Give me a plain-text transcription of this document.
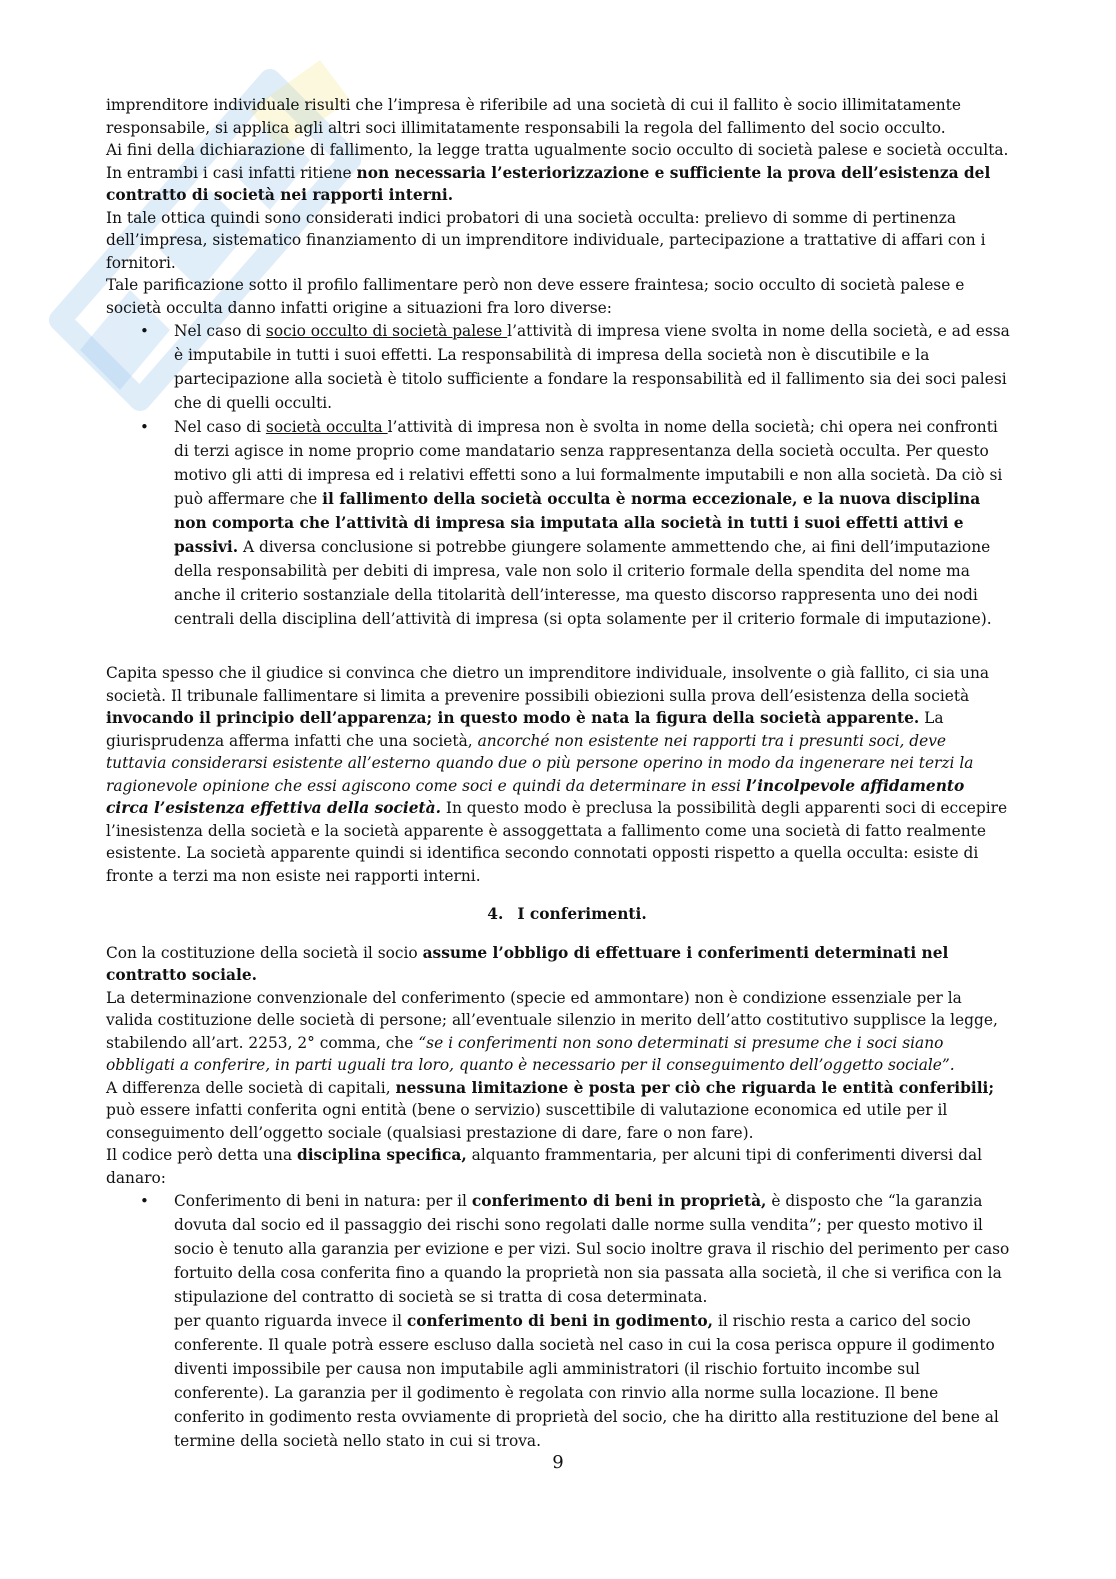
imprenditore individuale risulti che l’impresa è riferibile ad una società di cui il fallito è socio illimitatamente responsabile, si applica agli altri soci illimitatamente responsabili la regola del fallimento del socio occulto.

Ai fini della dichiarazione di fallimento, la legge tratta ugualmente socio occulto di società palese e società occulta. In entrambi i casi infatti ritiene non necessaria l’esteriorizzazione e sufficiente la prova dell’esistenza del contratto di società nei rapporti interni.

In tale ottica quindi sono considerati indici probatori di una società occulta: prelievo di somme di pertinenza dell’impresa, sistematico finanziamento di un imprenditore individuale, partecipazione a trattative di affari con i fornitori.

Tale parificazione sotto il profilo fallimentare però non deve essere fraintesa; socio occulto di società palese e società occulta danno infatti origine a situazioni fra loro diverse:

• Nel caso di socio occulto di società palese l’attività di impresa viene svolta in nome della società, e ad essa è imputabile in tutti i suoi effetti. La responsabilità di impresa della società non è discutibile e la partecipazione alla società è titolo sufficiente a fondare la responsabilità ed il fallimento sia dei soci palesi che di quelli occulti.
• Nel caso di società occulta l’attività di impresa non è svolta in nome della società; chi opera nei confronti di terzi agisce in nome proprio come mandatario senza rappresentanza della società occulta. Per questo motivo gli atti di impresa ed i relativi effetti sono a lui formalmente imputabili e non alla società. Da ciò si può affermare che il fallimento della società occulta è norma eccezionale, e la nuova disciplina non comporta che l’attività di impresa sia imputata alla società in tutti i suoi effetti attivi e passivi. A diversa conclusione si potrebbe giungere solamente ammettendo che, ai fini dell’imputazione della responsabilità per debiti di impresa, vale non solo il criterio formale della spendita del nome ma anche il criterio sostanziale della titolarità dell’interesse, ma questo discorso rappresenta uno dei nodi centrali della disciplina dell’attività di impresa (si opta solamente per il criterio formale di imputazione).

Capita spesso che il giudice si convinca che dietro un imprenditore individuale, insolvente o già fallito, ci sia una società. Il tribunale fallimentare si limita a prevenire possibili obiezioni sulla prova dell’esistenza della società invocando il principio dell’apparenza; in questo modo è nata la figura della società apparente. La giurisprudenza afferma infatti che una società, ancorché non esistente nei rapporti tra i presunti soci, deve tuttavia considerarsi esistente all’esterno quando due o più persone operino in modo da ingenerare nei terzi la ragionevole opinione che essi agiscono come soci e quindi da determinare in essi l’incolpevole affidamento circa l’esistenza effettiva della società. In questo modo è preclusa la possibilità degli apparenti soci di eccepire l’inesistenza della società e la società apparente è assoggettata a fallimento come una società di fatto realmente esistente. La società apparente quindi si identifica secondo connotati opposti rispetto a quella occulta: esiste di fronte a terzi ma non esiste nei rapporti interni.

4. I conferimenti.

Con la costituzione della società il socio assume l’obbligo di effettuare i conferimenti determinati nel contratto sociale.

La determinazione convenzionale del conferimento (specie ed ammontare) non è condizione essenziale per la valida costituzione delle società di persone; all’eventuale silenzio in merito dell’atto costitutivo supplisce la legge, stabilendo all’art. 2253, 2° comma, che “se i conferimenti non sono determinati si presume che i soci siano obbligati a conferire, in parti uguali tra loro, quanto è necessario per il conseguimento dell’oggetto sociale”.

A differenza delle società di capitali, nessuna limitazione è posta per ciò che riguarda le entità conferibili; può essere infatti conferita ogni entità (bene o servizio) suscettibile di valutazione economica ed utile per il conseguimento dell’oggetto sociale (qualsiasi prestazione di dare, fare o non fare).

Il codice però detta una disciplina specifica, alquanto frammentaria, per alcuni tipi di conferimenti diversi dal danaro:

• Conferimento di beni in natura: per il conferimento di beni in proprietà, è disposto che “la garanzia dovuta dal socio ed il passaggio dei rischi sono regolati dalle norme sulla vendita”; per questo motivo il socio è tenuto alla garanzia per evizione e per vizi. Sul socio inoltre grava il rischio del perimento per caso fortuito della cosa conferita fino a quando la proprietà non sia passata alla società, il che si verifica con la stipulazione del contratto di società se si tratta di cosa determinata.

per quanto riguarda invece il conferimento di beni in godimento, il rischio resta a carico del socio conferente. Il quale potrà essere escluso dalla società nel caso in cui la cosa perisca oppure il godimento diventi impossibile per causa non imputabile agli amministratori (il rischio fortuito incombe sul conferente). La garanzia per il godimento è regolata con rinvio alla norme sulla locazione. Il bene conferito in godimento resta ovviamente di proprietà del socio, che ha diritto alla restituzione del bene al termine della società nello stato in cui si trova.

9
